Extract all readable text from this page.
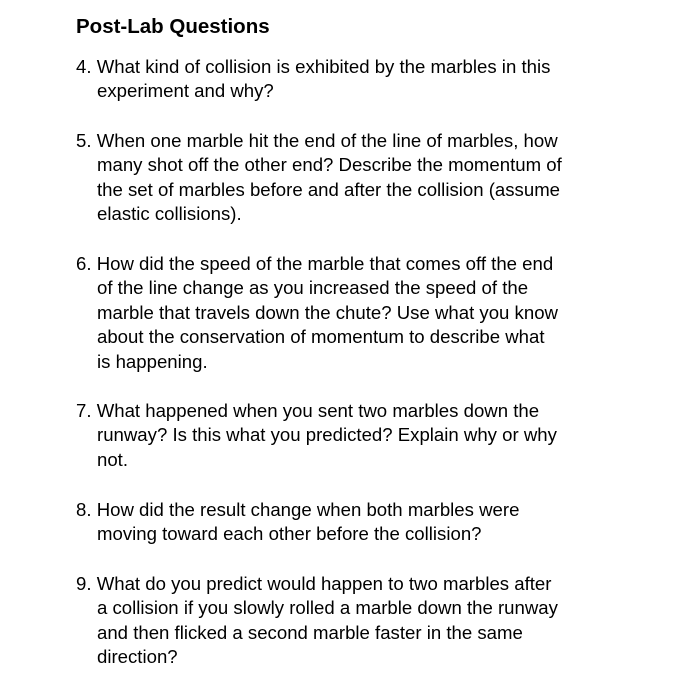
Post-Lab Questions
4. What kind of collision is exhibited by the marbles in this
experiment and why?
5. When one marble hit the end of the line of marbles, how
many shot off the other end? Describe the momentum of
the set of marbles before and after the collision (assume
elastic collisions).
6. How did the speed of the marble that comes off the end
of the line change as you increased the speed of the
marble that travels down the chute? Use what you know
about the conservation of momentum to describe what
is happening.
7. What happened when you sent two marbles down the
runway? Is this what you predicted? Explain why or why
not.
8. How did the result change when both marbles were
moving toward each other before the collision?
9. What do you predict would happen to two marbles after
a collision if you slowly rolled a marble down the runway
and then flicked a second marble faster in the same
direction?
